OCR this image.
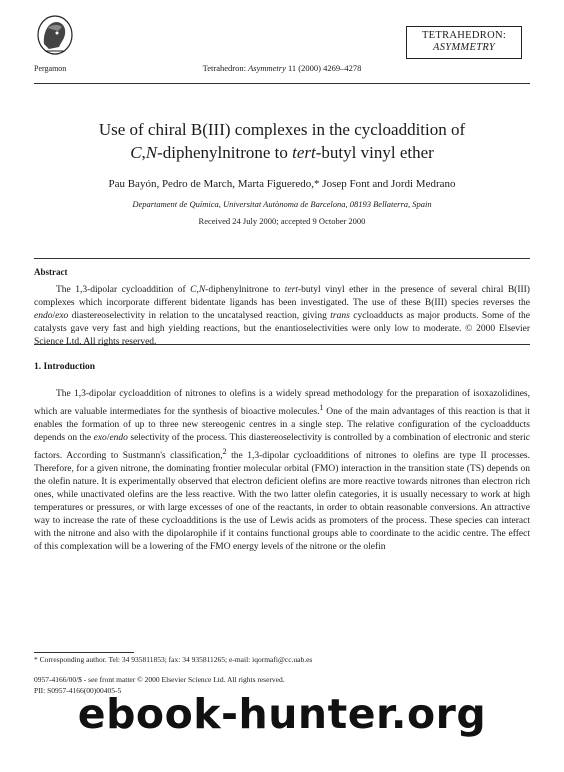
Pergamon	Tetrahedron: Asymmetry 11 (2000) 4269–4278
TETRAHEDRON:
ASYMMETRY
Use of chiral B(III) complexes in the cycloaddition of
C,N-diphenylnitrone to tert-butyl vinyl ether
Pau Bayón, Pedro de March, Marta Figueredo,* Josep Font and Jordi Medrano
Departament de Química, Universitat Autònoma de Barcelona, 08193 Bellaterra, Spain
Received 24 July 2000; accepted 9 October 2000
Abstract

The 1,3-dipolar cycloaddition of C,N-diphenylnitrone to tert-butyl vinyl ether in the presence of several chiral B(III) complexes which incorporate different bidentate ligands has been investigated. The use of these B(III) species reverses the endo/exo diastereoselectivity in relation to the uncatalysed reaction, giving trans cycloadducts as major products. Some of the catalysts gave very fast and high yielding reactions, but the enantioselectivities were only low to moderate. © 2000 Elsevier Science Ltd. All rights reserved.

1. Introduction

The 1,3-dipolar cycloaddition of nitrones to olefins is a widely spread methodology for the preparation of isoxazolidines, which are valuable intermediates for the synthesis of bioactive molecules.$^1$ One of the main advantages of this reaction is that it enables the formation of up to three new stereogenic centres in a single step. The relative configuration of the cycloadducts depends on the exo/endo selectivity of the process. This diastereoselectivity is controlled by a combination of electronic and steric factors. According to Sustmann's classification,$^2$ the 1,3-dipolar cycloadditions of nitrones to olefins are type II processes. Therefore, for a given nitrone, the dominating frontier molecular orbital (FMO) interaction in the transition state (TS) depends on the olefin nature. It is experimentally observed that electron deficient olefins are more reactive towards nitrones than electron rich ones, while unactivated olefins are the less reactive. With the two latter olefin categories, it is usually necessary to work at high temperatures or pressures, or with large excesses of one of the reactants, in order to obtain reasonable conversions. An attractive way to increase the rate of these cycloadditions is the use of Lewis acids as promoters of the process. These species can interact with the nitrone and also with the dipolarophile if it contains functional groups able to coordinate to the acidic centre. The effect of this complexation will be a lowering of the FMO energy levels of the nitrone or the olefin

* Corresponding author. Tel: 34 935811853; fax: 34 935811265; e-mail: iqormafi@cc.uab.es
0957-4166/00/$ - see front matter © 2000 Elsevier Science Ltd. All rights reserved.
PII: S0957-4166(00)00405-5
ebook-hunter.org
